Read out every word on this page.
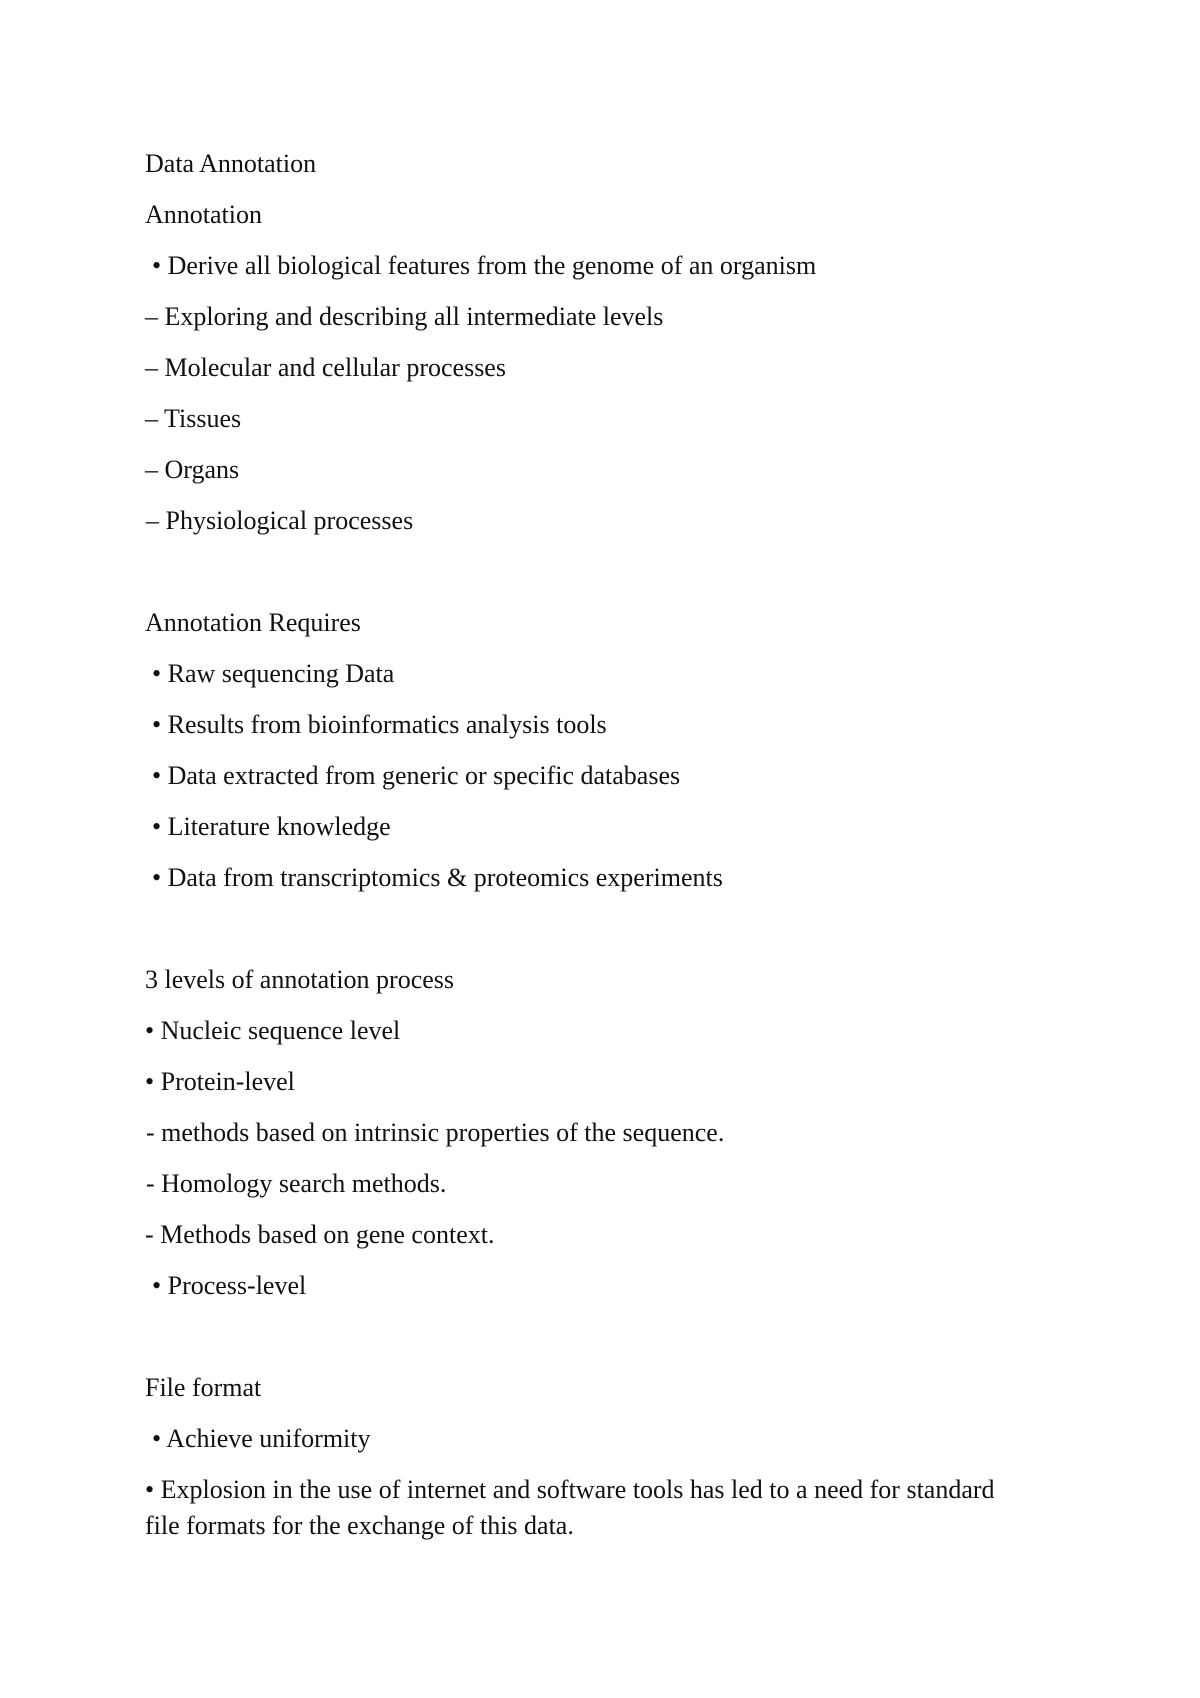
Data Annotation

Annotation

• Derive all biological features from the genome of an organism

– Exploring and describing all intermediate levels

– Molecular and cellular processes

– Tissues

– Organs

– Physiological processes

Annotation Requires

• Raw sequencing Data

• Results from bioinformatics analysis tools

• Data extracted from generic or specific databases

• Literature knowledge

• Data from transcriptomics & proteomics experiments

3 levels of annotation process

• Nucleic sequence level

• Protein-level

- methods based on intrinsic properties of the sequence.

- Homology search methods.

- Methods based on gene context.

• Process-level

File format

• Achieve uniformity

• Explosion in the use of internet and software tools has led to a need for standard file formats for the exchange of this data.
